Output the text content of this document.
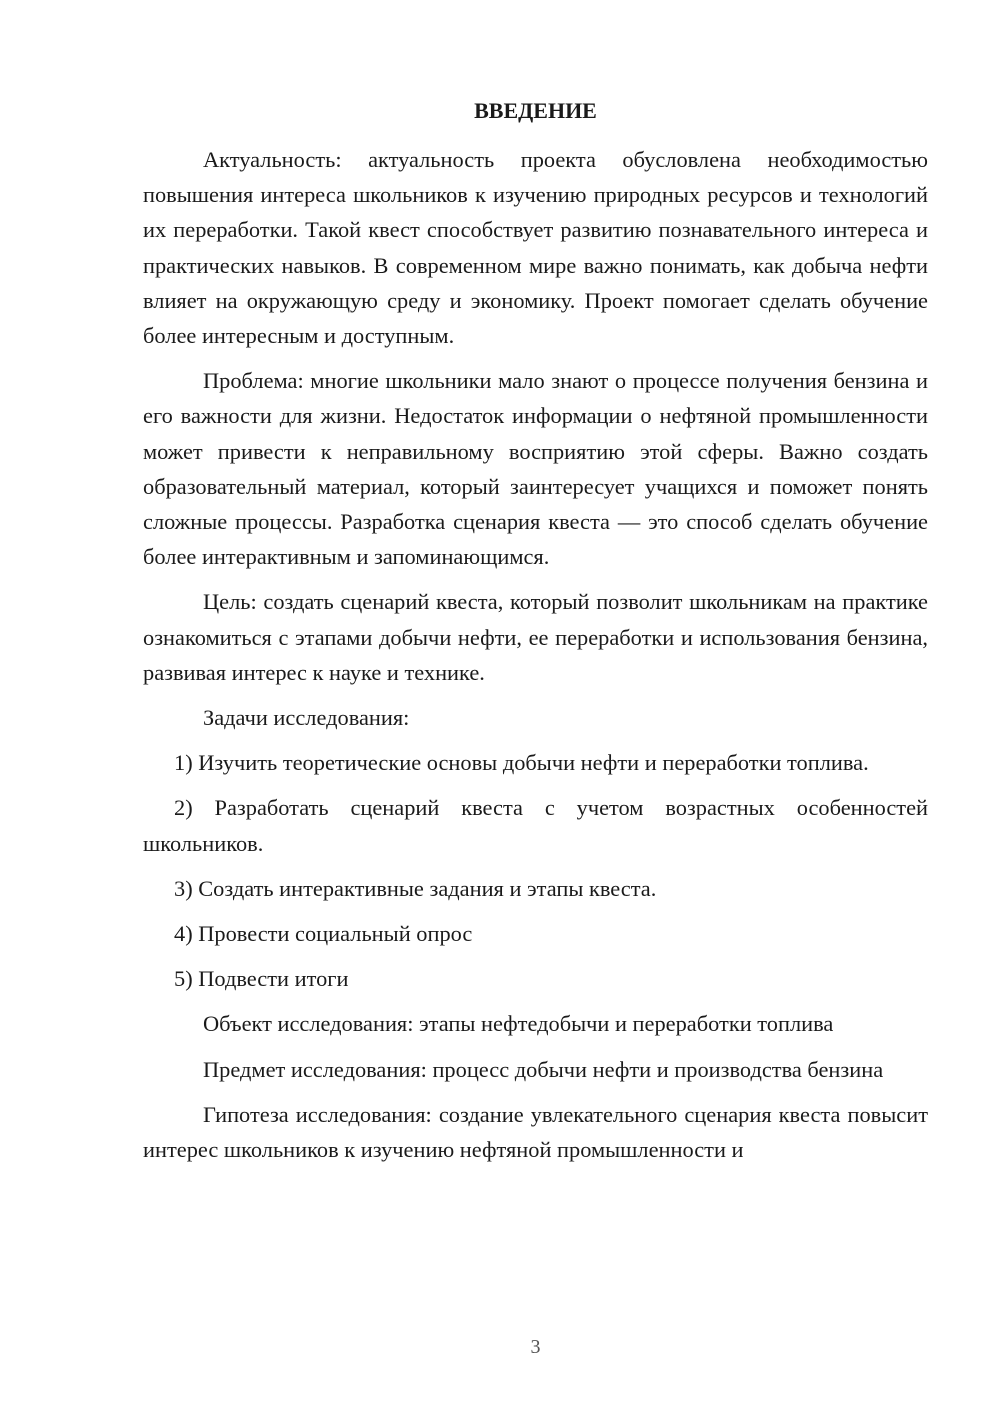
ВВЕДЕНИЕ

Актуальность: актуальность проекта обусловлена необходимостью повышения интереса школьников к изучению природных ресурсов и технологий их переработки. Такой квест способствует развитию познавательного интереса и практических навыков. В современном мире важно понимать, как добыча нефти влияет на окружающую среду и экономику. Проект помогает сделать обучение более интересным и доступным.

Проблема: многие школьники мало знают о процессе получения бензина и его важности для жизни. Недостаток информации о нефтяной промышленности может привести к неправильному восприятию этой сферы. Важно создать образовательный материал, который заинтересует учащихся и поможет понять сложные процессы. Разработка сценария квеста — это способ сделать обучение более интерактивным и запоминающимся.

Цель: создать сценарий квеста, который позволит школьникам на практике ознакомиться с этапами добычи нефти, ее переработки и использования бензина, развивая интерес к науке и технике.

Задачи исследования:

1) Изучить теоретические основы добычи нефти и переработки топлива.

2) Разработать сценарий квеста с учетом возрастных особенностей школьников.

3) Создать интерактивные задания и этапы квеста.

4) Провести социальный опрос

5) Подвести итоги

Объект исследования: этапы нефтедобычи и переработки топлива

Предмет исследования: процесс добычи нефти и производства бензина

Гипотеза исследования: создание увлекательного сценария квеста повысит интерес школьников к изучению нефтяной промышленности и

3
